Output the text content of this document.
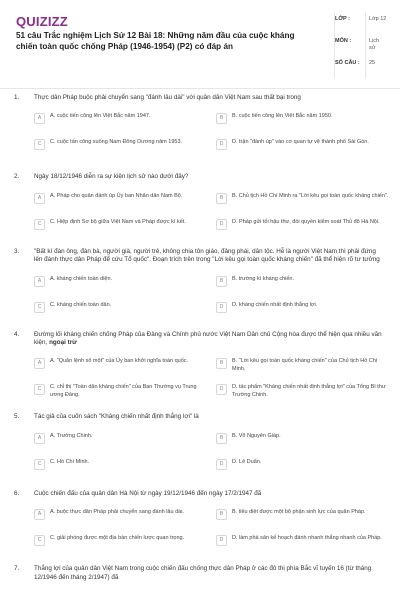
QUIZIZZ
51 câu Trắc nghiệm Lịch Sử 12 Bài 18: Những năm đầu của cuộc kháng chiến toàn quốc chống Pháp (1946-1954) (P2) có đáp án
LỚP :	Lớp 12
MÔN :	Lịch sử
SỐ CÂU : 25
1. Thực dân Pháp buộc phải chuyển sang "đánh lâu dài" với quân dân Việt Nam sau thất bại trong
A	A. cuộc tiến công lên Việt Bắc năm 1947.	B	B. cuộc tiến công lên Việt Bắc năm 1950.
C	C. cuộc tấn công xuống Nam Đông Dương năm 1953.	D	D. trận "đánh úp" vào cơ quan tự vệ thành phố Sài Gòn.
2. Ngày 18/12/1946 diễn ra sự kiện lịch sử nào dưới đây?
A	A. Pháp cho quân đánh úp Ủy ban Nhân dân Nam Bộ.	B	B. Chủ tịch Hồ Chí Minh ra "Lời kêu gọi toàn quốc kháng chiến".
C	C. Hiệp định Sơ bộ giữa Việt Nam và Pháp được kí kết.	D	D. Pháp gửi tối hậu thư, đòi quyền kiểm soát Thủ đô Hà Nội.
3. "Bất kì đàn ông, đàn bà, người già, người trẻ, không chia tôn giáo, đảng phái, dân tộc. Hễ là người Việt Nam thì phải đứng lên đánh thực dân Pháp để cứu Tổ quốc". Đoạn trích trên trong "Lời kêu gọi toàn quốc kháng chiến" đã thể hiện rõ tư tưởng
A	A. kháng chiến toàn diện.	B	B. trường kì kháng chiến.
C	C. kháng chiến toàn dân.	D	D. kháng chiến nhất định thắng lợi.
4. Đường lối kháng chiến chống Pháp của Đảng và Chính phủ nước Việt Nam Dân chủ Cộng hòa được thể hiện qua nhiều văn kiện, ngoại trừ
A	A. "Quân lệnh số một" của Ủy ban khởi nghĩa toàn quốc.	B	B. "Lời kêu gọi toàn quốc kháng chiến" của Chủ tịch Hồ Chí Minh.
C	C. chỉ thị "Toàn dân kháng chiến" của Ban Thường vụ Trung ương Đảng.
D	D. tác phẩm "Kháng chiến nhất định thắng lợi" của Tổng Bí thư Trường Chinh.
5. Tác giả của cuốn sách "Kháng chiến nhất định thắng lợi" là
A	A. Trường Chinh.	B	B. Võ Nguyên Giáp.
C	C. Hồ Chí Minh.	D	D. Lê Duẩn.
6. Cuộc chiến đấu của quân dân Hà Nội từ ngày 19/12/1946 đến ngày 17/2/1947 đã
A	A. buộc thực dân Pháp phải chuyển sang đánh lâu dài.	B	B. tiêu diệt được một bộ phận sinh lực của quân Pháp.
C	C. giải phóng được một địa bàn chiến lược quan trọng.	D	D. làm phá sản kế hoạch đánh nhanh thắng nhanh của Pháp.
7. Thắng lợi của quân dân Việt Nam trong cuộc chiến đấu chống thực dân Pháp ở các đô thị phía Bắc vĩ tuyến 16 (từ tháng 12/1946 đến tháng 2/1947) đã
